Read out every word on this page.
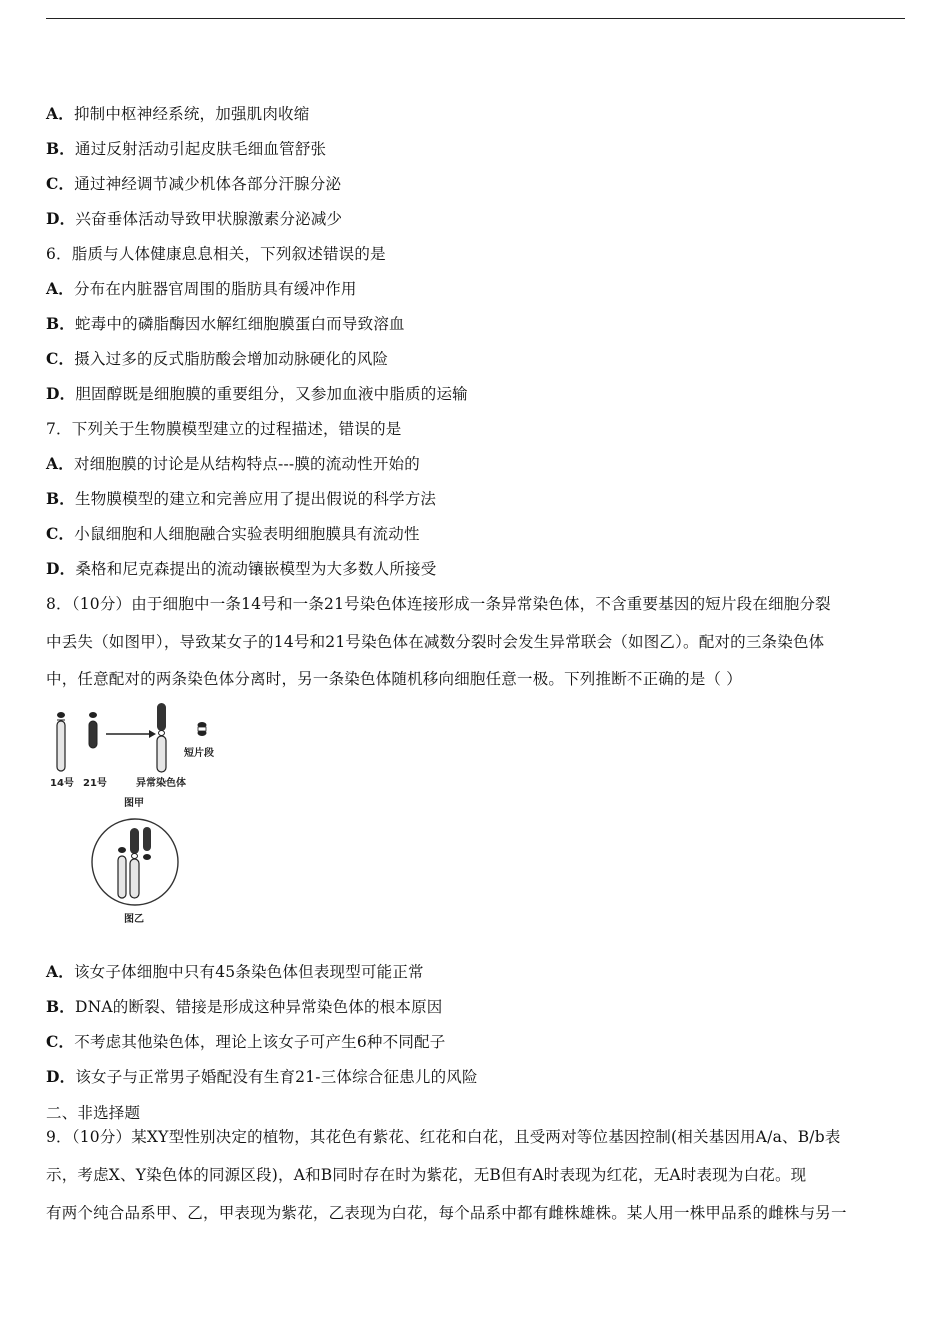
A．抑制中枢神经系统，加强肌肉收缩
B．通过反射活动引起皮肤毛细血管舒张
C．通过神经调节减少机体各部分汗腺分泌
D．兴奋垂体活动导致甲状腺激素分泌减少
6．脂质与人体健康息息相关，下列叙述错误的是
A．分布在内脏器官周围的脂肪具有缓冲作用
B．蛇毒中的磷脂酶因水解红细胞膜蛋白而导致溶血
C．摄入过多的反式脂肪酸会增加动脉硬化的风险
D．胆固醇既是细胞膜的重要组分，又参加血液中脂质的运输
7．下列关于生物膜模型建立的过程描述，错误的是
A．对细胞膜的讨论是从结构特点---膜的流动性开始的
B．生物膜模型的建立和完善应用了提出假说的科学方法
C．小鼠细胞和人细胞融合实验表明细胞膜具有流动性
D．桑格和尼克森提出的流动镶嵌模型为大多数人所接受
8．（10分）由于细胞中一条14号和一条21号染色体连接形成一条异常染色体，不含重要基因的短片段在细胞分裂
中丢失（如图甲），导致某女子的14号和21号染色体在减数分裂时会发生异常联会（如图乙）。配对的三条染色体
中，任意配对的两条染色体分离时，另一条染色体随机移向细胞任意一极。下列推断不正确的是（ ）
A．该女子体细胞中只有45条染色体但表现型可能正常
B．DNA的断裂、错接是形成这种异常染色体的根本原因
C．不考虑其他染色体，理论上该女子可产生6种不同配子
D．该女子与正常男子婚配没有生育21-三体综合征患儿的风险
二、非选择题
9．（10分）某XY型性别决定的植物，其花色有紫花、红花和白花，且受两对等位基因控制(相关基因用A/a、B/b表
示，考虑X、Y染色体的同源区段)，A和B同时存在时为紫花，无B但有A时表现为红花，无A时表现为白花。现
有两个纯合品系甲、乙，甲表现为紫花，乙表现为白花，每个品系中都有雌株雄株。某人用一株甲品系的雌株与另一
14号 21号	异常染色体
短片段
图甲
图乙
